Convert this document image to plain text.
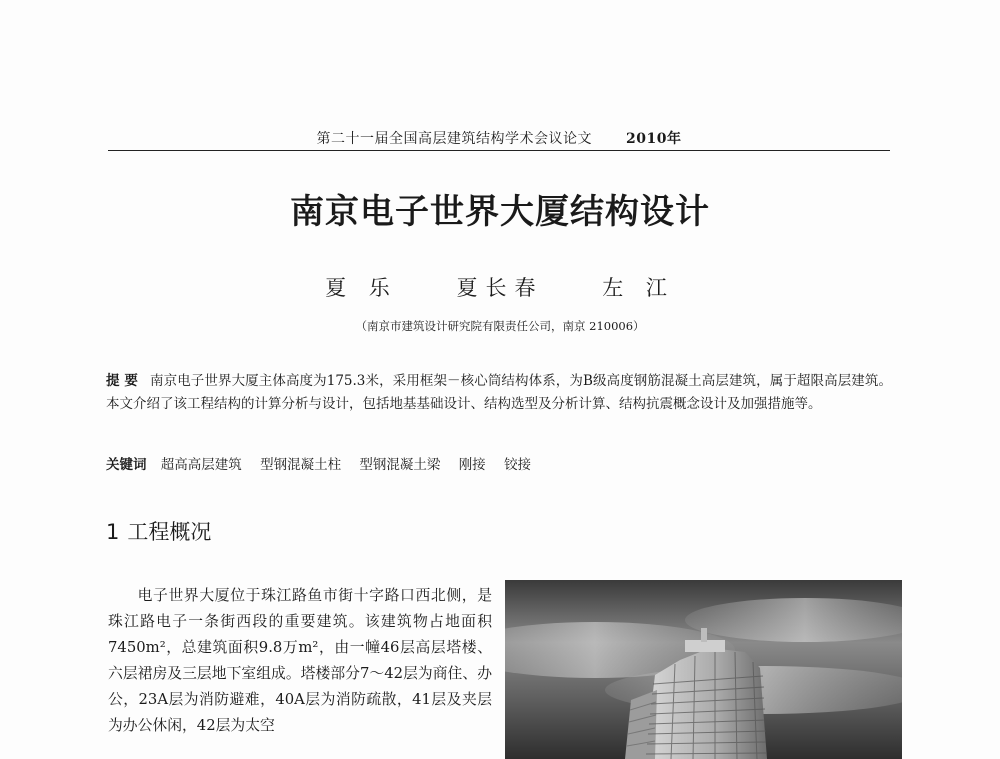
第二十一届全国高层建筑结构学术会议论文 2010年
南京电子世界大厦结构设计
夏 乐	夏长春	左 江
（南京市建筑设计研究院有限责任公司，南京 210006）
提 要 南京电子世界大厦主体高度为175.3米，采用框架－核心筒结构体系，为B级高度钢筋混凝土高层建筑，属于超限高层建筑。本文介绍了该工程结构的计算分析与设计，包括地基基础设计、结构选型及分析计算、结构抗震概念设计及加强措施等。
关键词 超高高层建筑 型钢混凝土柱 型钢混凝土梁 刚接 铰接
1 工程概况
电子世界大厦位于珠江路鱼市街十字路口西北侧，是珠江路电子一条街西段的重要建筑。该建筑物占地面积7450m²，总建筑面积9.8万m²，由一幢46层高层塔楼、六层裙房及三层地下室组成。塔楼部分7～42层为商住、办公，23A层为消防避难，40A层为消防疏散，41层及夹层为办公休闲，42层为太空
